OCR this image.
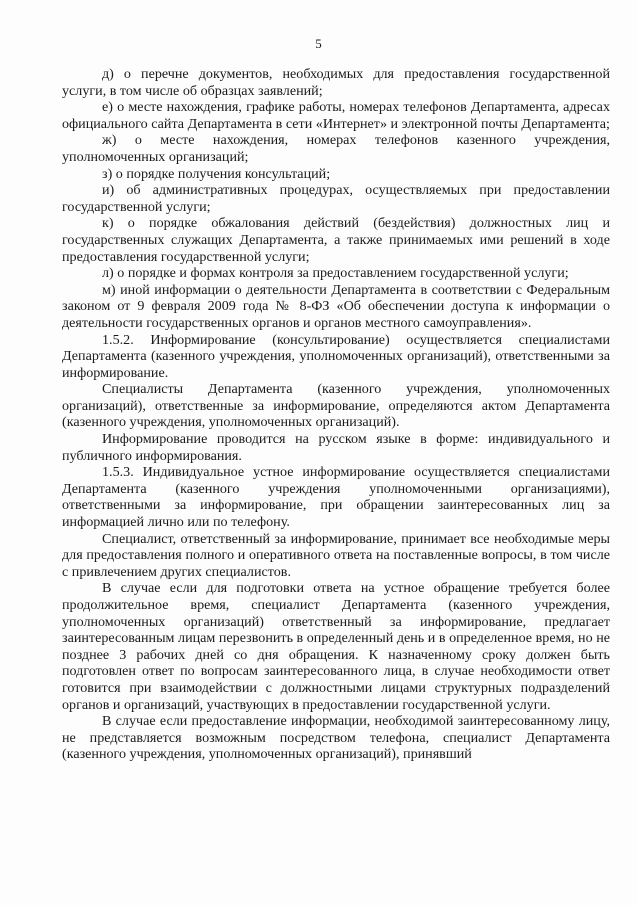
5

д) о перечне документов, необходимых для предоставления государственной услуги, в том числе об образцах заявлений;

е) о месте нахождения, графике работы, номерах телефонов Департамента, адресах официального сайта Департамента в сети «Интернет» и электронной почты Департамента;

ж) о месте нахождения, номерах телефонов казенного учреждения, уполномоченных организаций;

з) о порядке получения консультаций;

и) об административных процедурах, осуществляемых при предоставлении государственной услуги;

к) о порядке обжалования действий (бездействия) должностных лиц и государственных служащих Департамента, а также принимаемых ими решений в ходе предоставления государственной услуги;

л) о порядке и формах контроля за предоставлением государственной услуги;

м) иной информации о деятельности Департамента в соответствии с Федеральным законом от 9 февраля 2009 года № 8-ФЗ «Об обеспечении доступа к информации о деятельности государственных органов и органов местного самоуправления».

1.5.2. Информирование (консультирование) осуществляется специалистами Департамента (казенного учреждения, уполномоченных организаций), ответственными за информирование.

Специалисты Департамента (казенного учреждения, уполномоченных организаций), ответственные за информирование, определяются актом Департамента (казенного учреждения, уполномоченных организаций).

Информирование проводится на русском языке в форме: индивидуального и публичного информирования.

1.5.3. Индивидуальное устное информирование осуществляется специалистами Департамента (казенного учреждения уполномоченными организациями), ответственными за информирование, при обращении заинтересованных лиц за информацией лично или по телефону.

Специалист, ответственный за информирование, принимает все необходимые меры для предоставления полного и оперативного ответа на поставленные вопросы, в том числе с привлечением других специалистов.

В случае если для подготовки ответа на устное обращение требуется более продолжительное время, специалист Департамента (казенного учреждения, уполномоченных организаций) ответственный за информирование, предлагает заинтересованным лицам перезвонить в определенный день и в определенное время, но не позднее 3 рабочих дней со дня обращения. К назначенному сроку должен быть подготовлен ответ по вопросам заинтересованного лица, в случае необходимости ответ готовится при взаимодействии с должностными лицами структурных подразделений органов и организаций, участвующих в предоставлении государственной услуги.

В случае если предоставление информации, необходимой заинтересованному лицу, не представляется возможным посредством телефона, специалист Департамента (казенного учреждения, уполномоченных организаций), принявший
